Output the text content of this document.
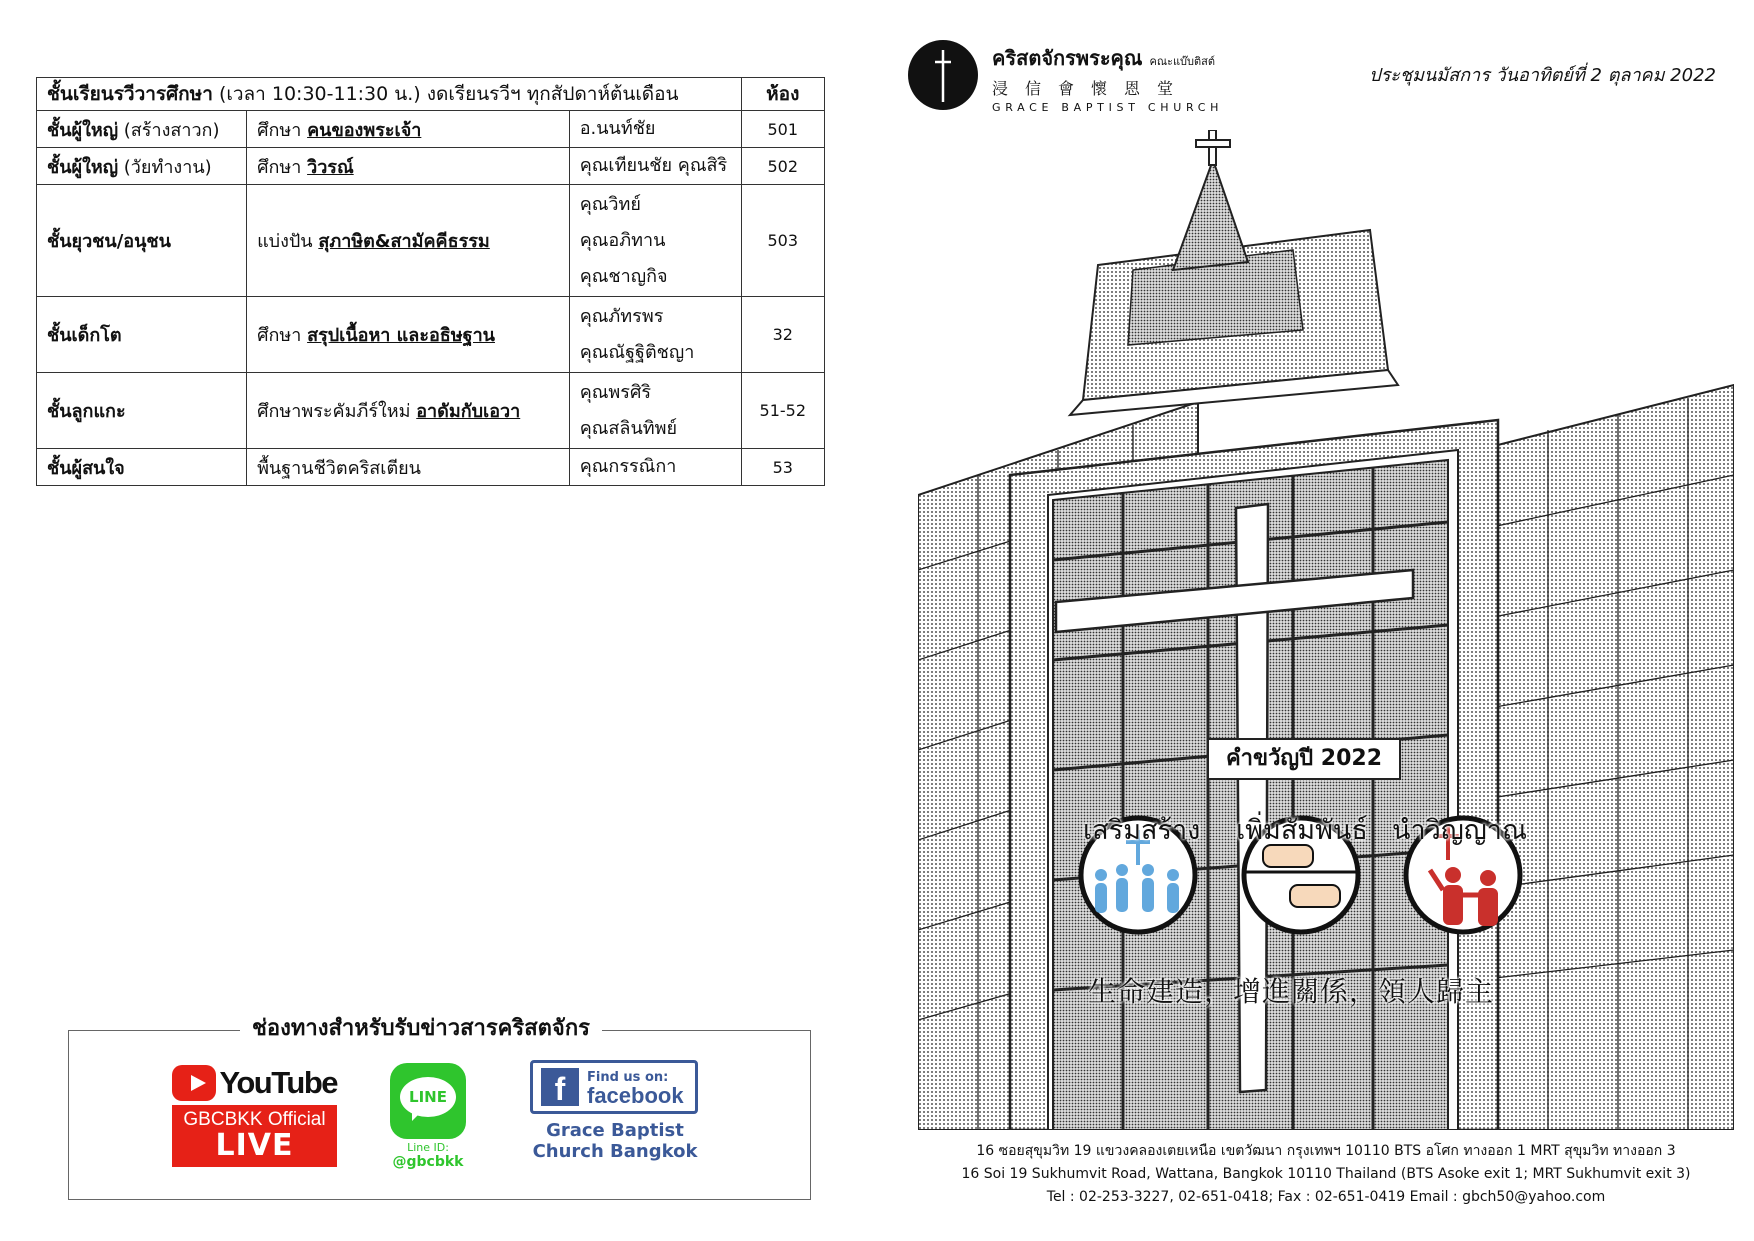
ชั้นเรียนรวีวารศึกษา (เวลา 10:30-11:30 น.) งดเรียนรวีฯ ทุกสัปดาห์ต้นเดือน			ห้อง
ชั้นผู้ใหญ่ (สร้างสาวก)	ศึกษา คนของพระเจ้า	อ.นนท์ชัย	501
ชั้นผู้ใหญ่ (วัยทำงาน)	ศึกษา วิวรณ์	คุณเทียนชัย คุณสิริ	502
ชั้นยุวชน/อนุชน	แบ่งปัน สุภาษิต&สามัคคีธรรม	คุณวิทย์
คุณอภิทาน
คุณชาญกิจ	503
ชั้นเด็กโต	ศึกษา สรุปเนื้อหา และอธิษฐาน	คุณภัทรพร
คุณณัฐฐิติชญา	32
ชั้นลูกแกะ	ศึกษาพระคัมภีร์ใหม่ อาดัมกับเอวา	คุณพรศิริ
คุณสลินทิพย์	51-52
ชั้นผู้สนใจ	พื้นฐานชีวิตคริสเตียน	คุณกรรณิกา	53
ช่องทางสำหรับรับข่าวสารคริสตจักร
YouTube
GBCBKK Official
LIVE
LINE
Line ID:
@gbcbkk
f	Find us on:
facebook
Grace Baptist
Church Bangkok
คริสตจักรพระคุณ คณะแบ๊บติสต์
浸信會懷恩堂
GRACE BAPTIST CHURCH
ประชุมนมัสการ วันอาทิตย์ที่ 2 ตุลาคม 2022
คำขวัญปี 2022
เสริมสร้าง เพิ่มสัมพันธ์ นำวิญญาณ
生命建造，增進關係，領人歸主
16 ซอยสุขุมวิท 19 แขวงคลองเตยเหนือ เขตวัฒนา กรุงเทพฯ 10110 BTS อโศก ทางออก 1 MRT สุขุมวิท ทางออก 3
16 Soi 19 Sukhumvit Road, Wattana, Bangkok 10110 Thailand (BTS Asoke exit 1; MRT Sukhumvit exit 3)
Tel : 02-253-3227, 02-651-0418; Fax : 02-651-0419 Email : gbch50@yahoo.com
